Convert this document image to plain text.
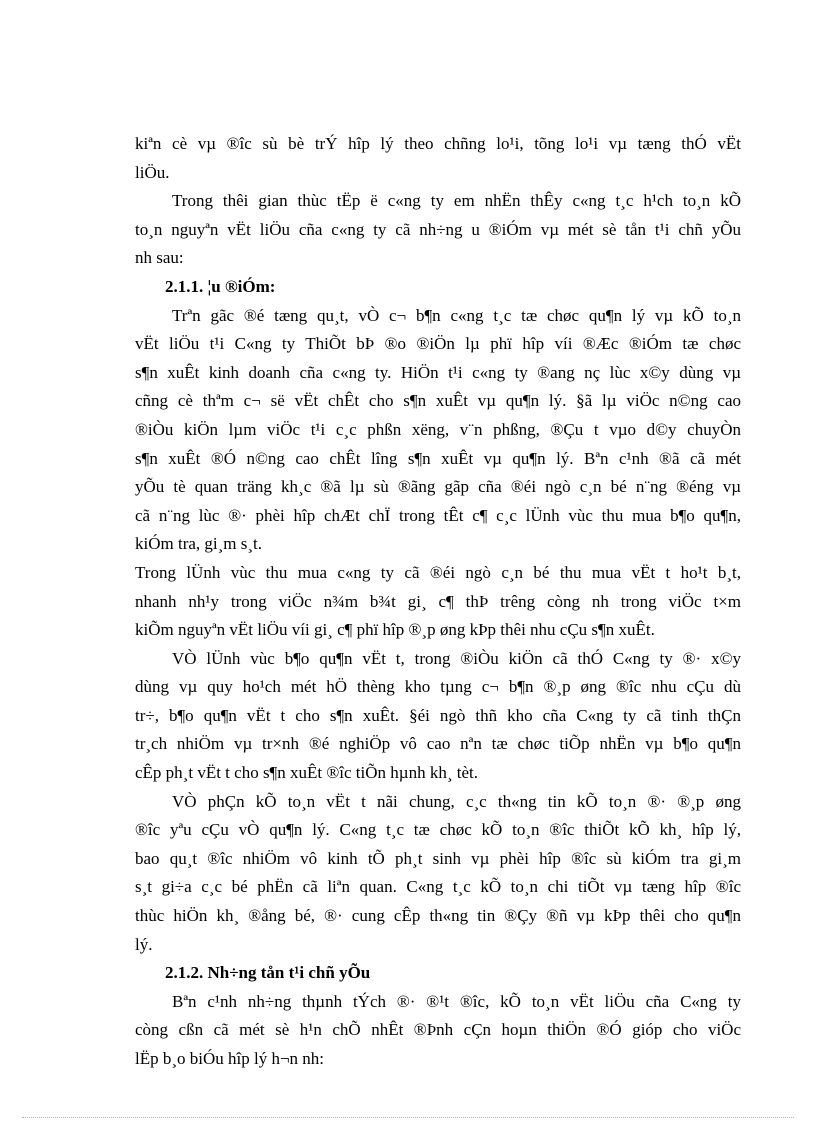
kiªn cè vµ ®îc sù bè trÝ hîp lý theo chñng lo¹i, tõng lo¹i vµ tæng thÓ vËt
liÖu.
Trong thêi gian thùc tËp ë c«ng ty em nhËn thÊy c«ng t¸c h¹ch to¸n kÕ
to¸n nguyªn vËt liÖu cña c«ng ty cã nh÷ng u ®iÓm vµ mét sè tån t¹i chñ yÕu
nh sau:
2.1.1. ¦u ®iÓm:
Trªn gãc ®é tæng qu¸t, vÒ c¬ b¶n c«ng t¸c tæ chøc qu¶n lý vµ kÕ to¸n
vËt liÖu t¹i C«ng ty ThiÕt bÞ ®o ®iÖn lµ phï hîp víi ®Æc ®iÓm tæ chøc
s¶n xuÊt kinh doanh cña c«ng ty. HiÖn t¹i c«ng ty ®ang nç lùc x©y dùng vµ
cñng cè thªm c¬ së vËt chÊt cho s¶n xuÊt vµ qu¶n lý. §ã lµ viÖc n©ng cao
®iÒu kiÖn lµm viÖc t¹i c¸c phßn xëng, v¨n phßng, ®Çu t vµo d©y chuyÒn
s¶n xuÊt ®Ó n©ng cao chÊt lîng s¶n xuÊt vµ qu¶n lý. Bªn c¹nh ®ã cã mét
yÕu tè quan träng kh¸c ®ã lµ sù ®ãng gãp cña ®éi ngò c¸n bé n¨ng ®éng vµ
cã n¨ng lùc ®· phèi hîp chÆt chÏ trong tÊt c¶ c¸c lÜnh vùc thu mua b¶o qu¶n,
kiÓm tra, gi¸m s¸t.
Trong lÜnh vùc thu mua c«ng ty cã ®éi ngò c¸n bé thu mua vËt t ho¹t b¸t,
nhanh nh¹y trong viÖc n¾m b¾t gi¸ c¶ thÞ trêng còng nh trong viÖc t×m
kiÕm nguyªn vËt liÖu víi gi¸ c¶ phï hîp ®¸p øng kÞp thêi nhu cÇu s¶n xuÊt.
VÒ lÜnh vùc b¶o qu¶n vËt t, trong ®iÒu kiÖn cã thÓ C«ng ty ®· x©y
dùng vµ quy ho¹ch mét hÖ thèng kho tµng c¬ b¶n ®¸p øng ®îc nhu cÇu dù
tr÷, b¶o qu¶n vËt t cho s¶n xuÊt. §éi ngò thñ kho cña C«ng ty cã tinh thÇn
tr¸ch nhiÖm vµ tr×nh ®é nghiÖp vô cao nªn tæ chøc tiÕp nhËn vµ b¶o qu¶n
cÊp ph¸t vËt t cho s¶n xuÊt ®îc tiÕn hµnh kh¸ tèt.
VÒ phÇn kÕ to¸n vËt t nãi chung, c¸c th«ng tin kÕ to¸n ®· ®¸p øng
®îc yªu cÇu vÒ qu¶n lý. C«ng t¸c tæ chøc kÕ to¸n ®îc thiÕt kÕ kh¸ hîp lý,
bao qu¸t ®îc nhiÖm vô kinh tÕ ph¸t sinh vµ phèi hîp ®îc sù kiÓm tra gi¸m
s¸t gi÷a c¸c bé phËn cã liªn quan. C«ng t¸c kÕ to¸n chi tiÕt vµ tæng hîp ®îc
thùc hiÖn kh¸ ®ång bé, ®· cung cÊp th«ng tin ®Çy ®ñ vµ kÞp thêi cho qu¶n
lý.
2.1.2. Nh÷ng tån t¹i chñ yÕu
Bªn c¹nh nh÷ng thµnh tÝch ®· ®¹t ®îc, kÕ to¸n vËt liÖu cña C«ng ty
còng cßn cã mét sè h¹n chÕ nhÊt ®Þnh cÇn hoµn thiÖn ®Ó gióp cho viÖc
lËp b¸o biÓu hîp lý h¬n nh:
